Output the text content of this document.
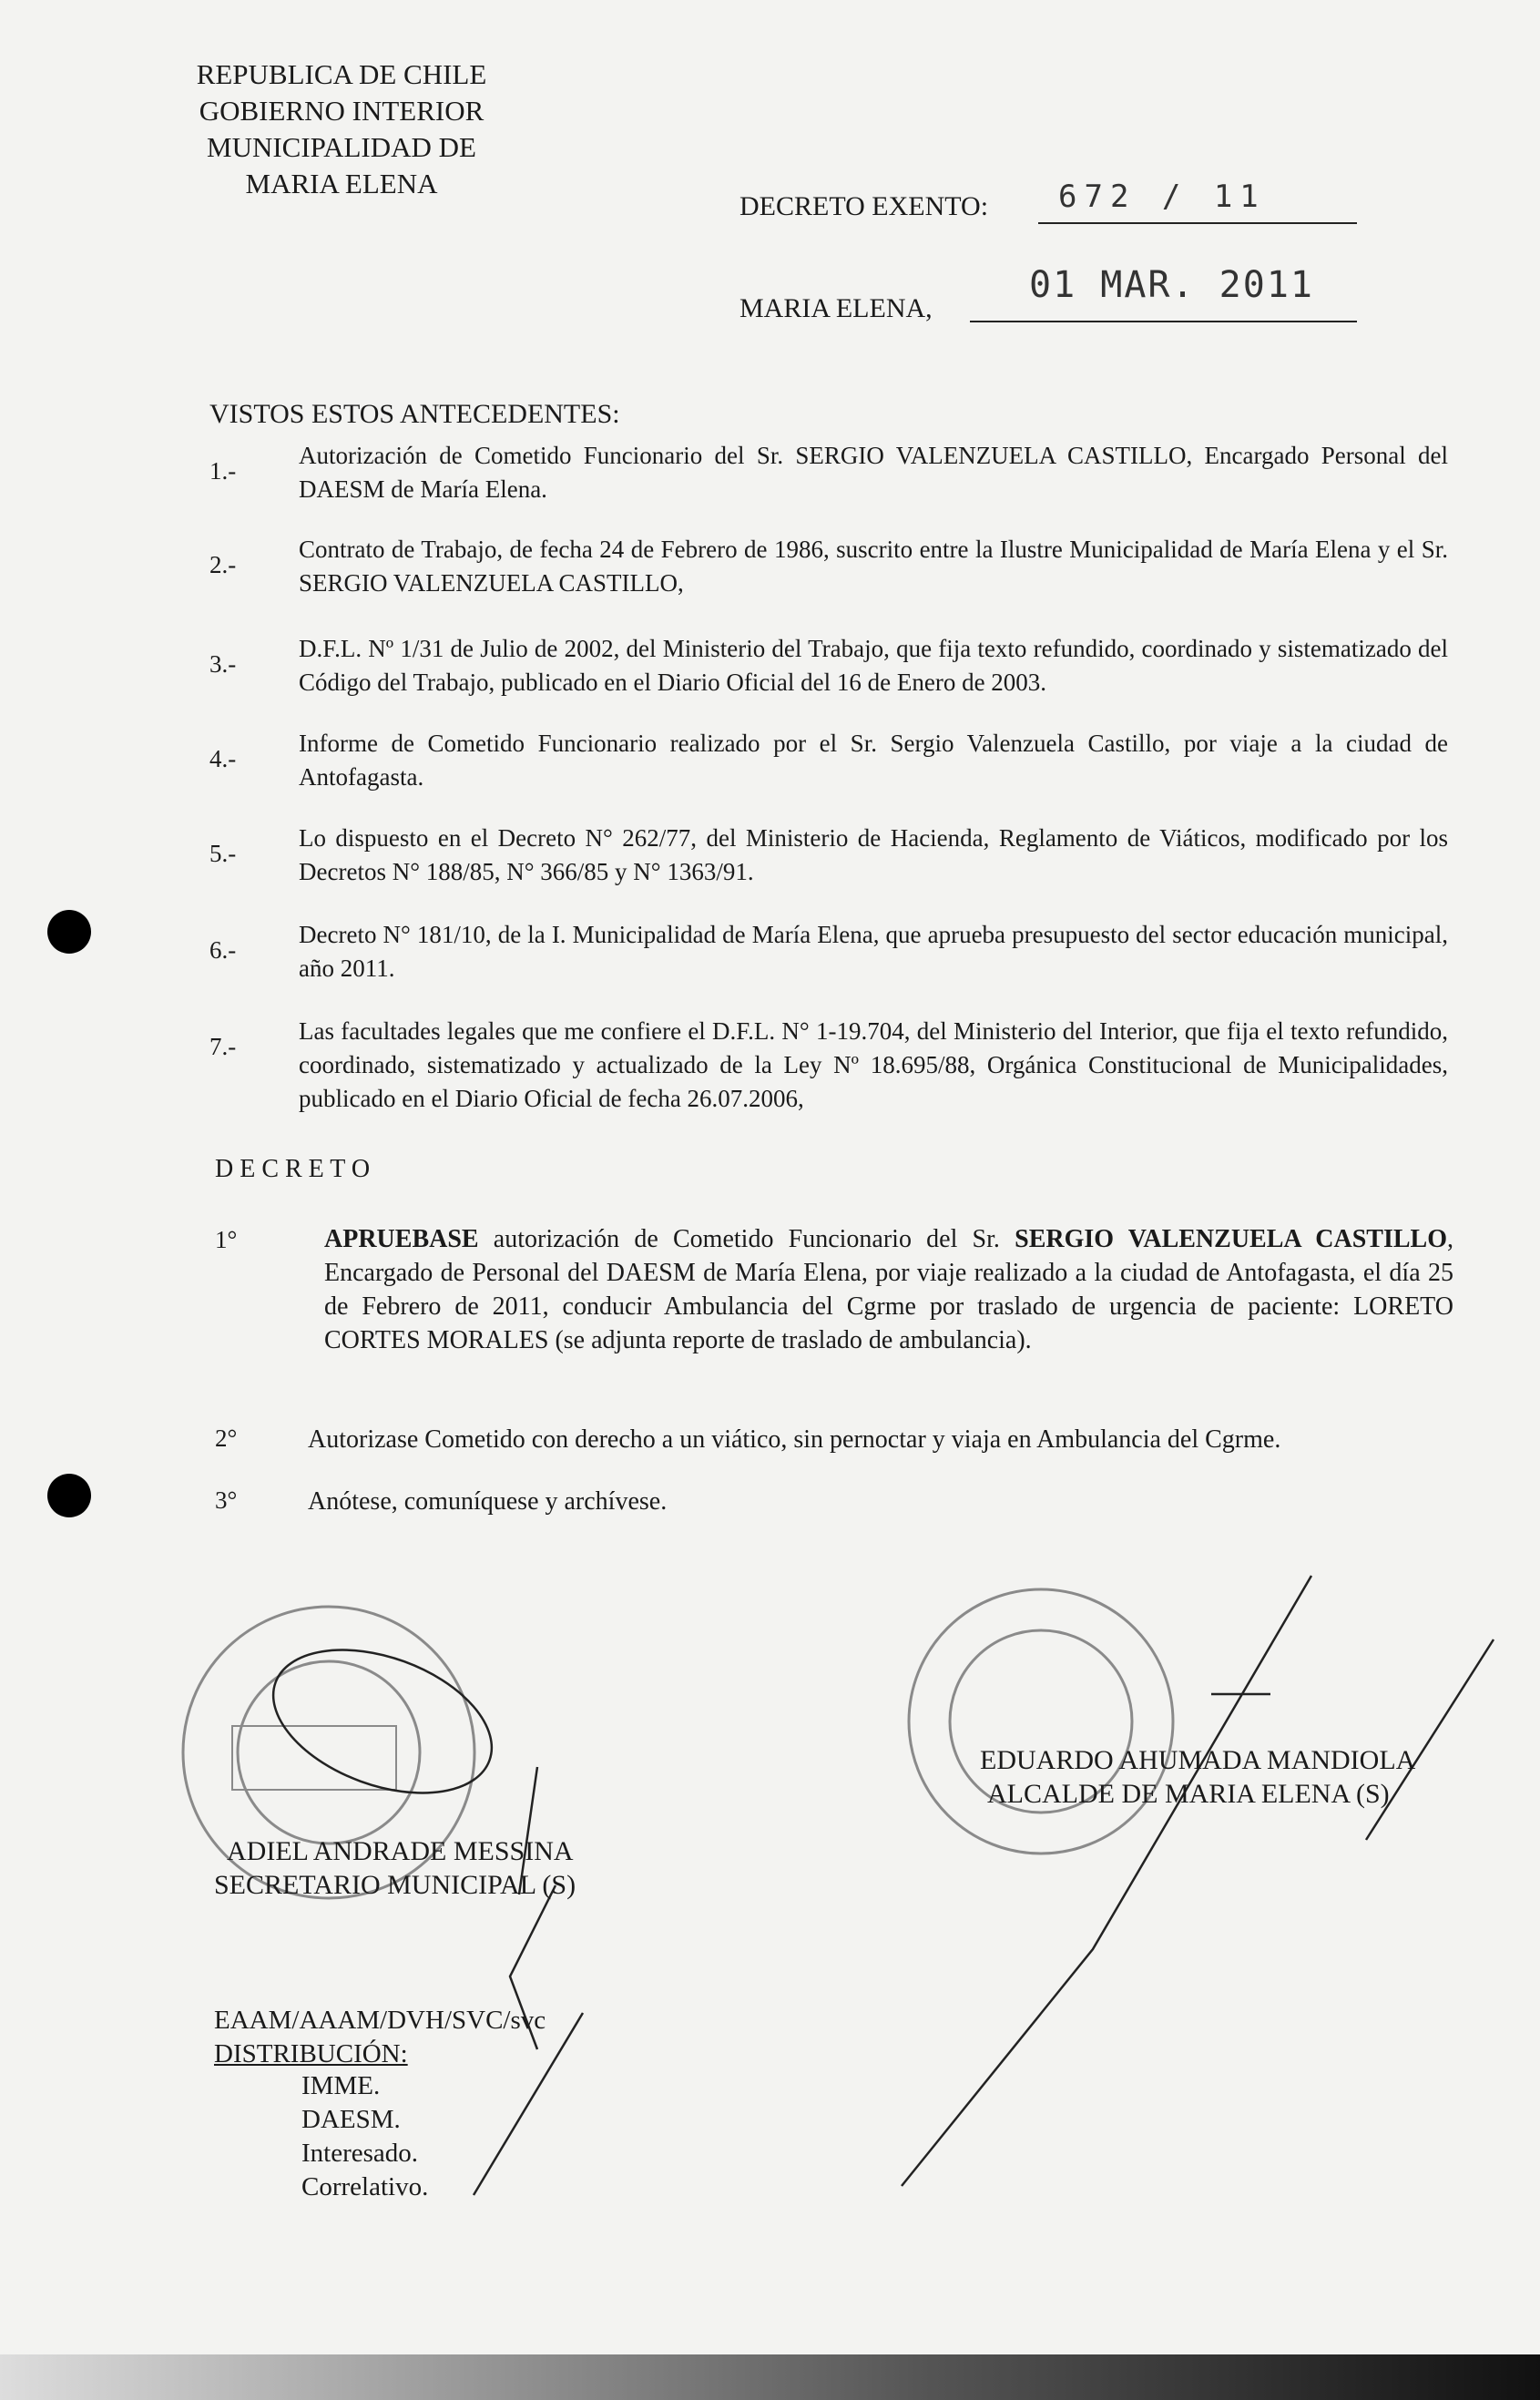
REPUBLICA DE CHILE
GOBIERNO INTERIOR
MUNICIPALIDAD DE
MARIA ELENA
DECRETO EXENTO:	672 / 11
MARIA ELENA,
01 MAR. 2011
VISTOS ESTOS ANTECEDENTES:
1.-
Autorización de Cometido Funcionario del Sr. SERGIO VALENZUELA CASTILLO, Encargado Personal del DAESM de María Elena.
2.-
Contrato de Trabajo, de fecha 24 de Febrero de 1986, suscrito entre la Ilustre Municipalidad de María Elena y el Sr. SERGIO VALENZUELA CASTILLO,
3.-
D.F.L. Nº 1/31 de Julio de 2002, del Ministerio del Trabajo, que fija texto refundido, coordinado y sistematizado del Código del Trabajo, publicado en el Diario Oficial del 16 de Enero de 2003.
4.-
Informe de Cometido Funcionario realizado por el Sr. Sergio Valenzuela Castillo, por viaje a la ciudad de Antofagasta.
5.-
Lo dispuesto en el Decreto N° 262/77, del Ministerio de Hacienda, Reglamento de Viáticos, modificado por los Decretos N° 188/85, N° 366/85 y N° 1363/91.
6.-
Decreto N° 181/10, de la I. Municipalidad de María Elena, que aprueba presupuesto del sector educación municipal, año 2011.
7.-
Las facultades legales que me confiere el D.F.L. N° 1-19.704, del Ministerio del Interior, que fija el texto refundido, coordinado, sistematizado y actualizado de la Ley Nº 18.695/88, Orgánica Constitucional de Municipalidades, publicado en el Diario Oficial de fecha 26.07.2006,
D E C R E T O
1°	APRUEBASE autorización de Cometido Funcionario del Sr. SERGIO VALENZUELA CASTILLO, Encargado de Personal del DAESM de María Elena, por viaje realizado a la ciudad de Antofagasta, el día 25 de Febrero de 2011, conducir Ambulancia del Cgrme por traslado de urgencia de paciente: LORETO CORTES MORALES (se adjunta reporte de traslado de ambulancia).
2°	Autorizase Cometido con derecho a un viático, sin pernoctar y viaja en Ambulancia del Cgrme.
3°	Anótese, comuníquese y archívese.
ADIEL ANDRADE MESSINA
SECRETARIO MUNICIPAL (S)
EDUARDO AHUMADA MANDIOLA
ALCALDE DE MARIA ELENA (S)
EAAM/AAAM/DVH/SVC/svc
DISTRIBUCIÓN:
IMME.
DAESM.
Interesado.
Correlativo.
